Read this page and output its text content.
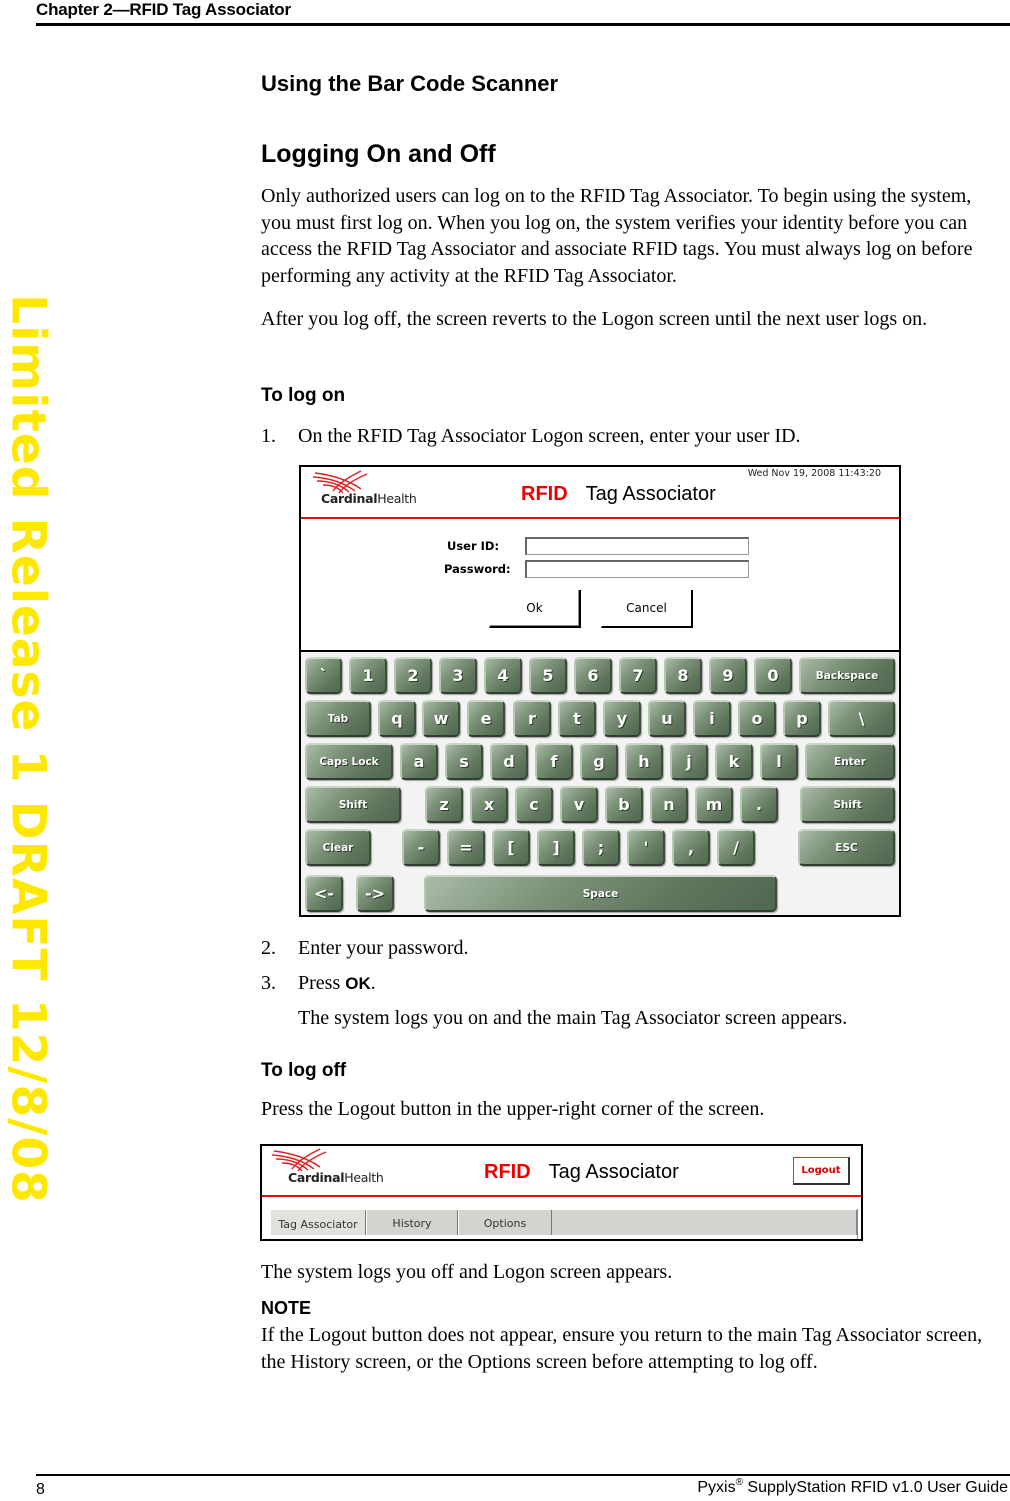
Chapter 2—RFID Tag Associator
Limited Release 1 DRAFT 12/8/08
Using the Bar Code Scanner
Logging On and Off
Only authorized users can log on to the RFID Tag Associator. To begin using the system, you must first log on. When you log on, the system verifies your identity before you can access the RFID Tag Associator and associate RFID tags. You must always log on before performing any activity at the RFID Tag Associator.
After you log off, the screen reverts to the Logon screen until the next user logs on.
To log on
1. On the RFID Tag Associator Logon screen, enter your user ID.
CardinalHealth	RFID Tag Associator
Wed Nov 19, 2008 11:43:20
User ID:
Password:
Ok	Cancel
`	1	2	3	4	5	6	7	8	9	0	Backspace
Tab	q	w	e	r	t	y	u	i	o	p	\
Caps Lock	a	s	d	f	g	h	j	k	l	Enter
Shift	z	x	c	v	b	n	m	.	Shift
Clear	-	=	[	]	;	'	,	/	ESC
<-	->	Space
2. Enter your password.
3. Press OK.
The system logs you on and the main Tag Associator screen appears.
To log off
Press the Logout button in the upper-right corner of the screen.
CardinalHealth	RFID Tag Associator	Logout
Tag Associator	History	Options
The system logs you off and Logon screen appears.
NOTE
If the Logout button does not appear, ensure you return to the main Tag Associator screen, the History screen, or the Options screen before attempting to log off.
8	Pyxis® SupplyStation RFID v1.0 User Guide
